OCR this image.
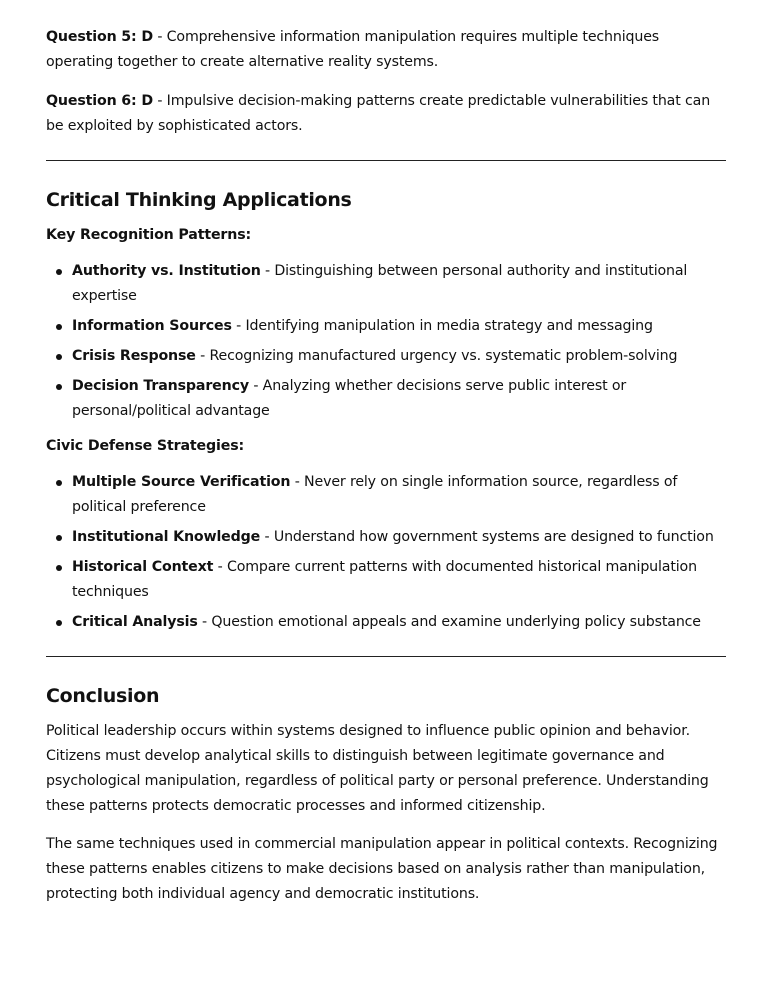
Question 5: D - Comprehensive information manipulation requires multiple techniques operating together to create alternative reality systems.

Question 6: D - Impulsive decision-making patterns create predictable vulnerabilities that can be exploited by sophisticated actors.

Critical Thinking Applications
Key Recognition Patterns:
Authority vs. Institution - Distinguishing between personal authority and institutional expertise
Information Sources - Identifying manipulation in media strategy and messaging
Crisis Response - Recognizing manufactured urgency vs. systematic problem-solving
Decision Transparency - Analyzing whether decisions serve public interest or personal/political advantage
Civic Defense Strategies:
Multiple Source Verification - Never rely on single information source, regardless of political preference
Institutional Knowledge - Understand how government systems are designed to function
Historical Context - Compare current patterns with documented historical manipulation techniques
Critical Analysis - Question emotional appeals and examine underlying policy substance
Conclusion

Political leadership occurs within systems designed to influence public opinion and behavior. Citizens must develop analytical skills to distinguish between legitimate governance and psychological manipulation, regardless of political party or personal preference. Understanding these patterns protects democratic processes and informed citizenship.

The same techniques used in commercial manipulation appear in political contexts. Recognizing these patterns enables citizens to make decisions based on analysis rather than manipulation, protecting both individual agency and democratic institutions.
